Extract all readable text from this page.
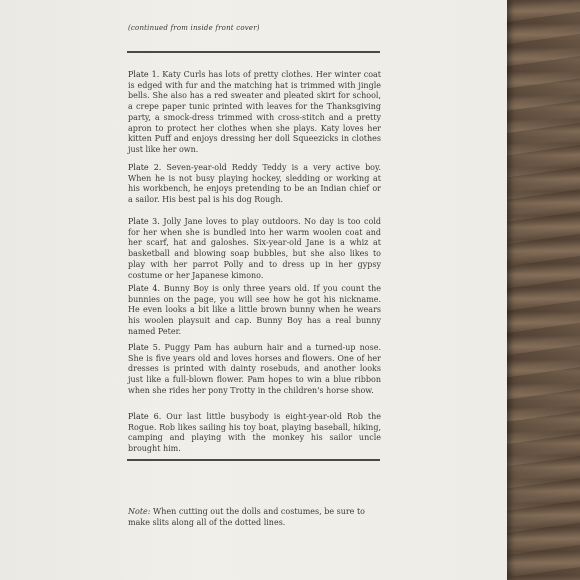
(continued from inside front cover)

Plate 1. Katy Curls has lots of pretty clothes. Her winter coat is edged with fur and the matching hat is trimmed with jingle bells. She also has a red sweater and pleated skirt for school, a crepe paper tunic printed with leaves for the Thanksgiving party, a smock-dress trimmed with cross-stitch and a pretty apron to protect her clothes when she plays. Katy loves her kitten Puff and enjoys dressing her doll Squeezicks in clothes just like her own.

Plate 2. Seven-year-old Reddy Teddy is a very active boy. When he is not busy playing hockey, sledding or working at his workbench, he enjoys pretending to be an Indian chief or a sailor. His best pal is his dog Rough.

Plate 3. Jolly Jane loves to play outdoors. No day is too cold for her when she is bundled into her warm woolen coat and her scarf, hat and galoshes. Six-year-old Jane is a whiz at basketball and blowing soap bubbles, but she also likes to play with her parrot Polly and to dress up in her gypsy costume or her Japanese kimono.

Plate 4. Bunny Boy is only three years old. If you count the bunnies on the page, you will see how he got his nickname. He even looks a bit like a little brown bunny when he wears his woolen playsuit and cap. Bunny Boy has a real bunny named Peter.

Plate 5. Puggy Pam has auburn hair and a turned-up nose. She is five years old and loves horses and flowers. One of her dresses is printed with dainty rosebuds, and another looks just like a full-blown flower. Pam hopes to win a blue ribbon when she rides her pony Trotty in the children's horse show.

Plate 6. Our last little busybody is eight-year-old Rob the Rogue. Rob likes sailing his toy boat, playing baseball, hiking, camping and playing with the monkey his sailor uncle brought him.

Note: When cutting out the dolls and costumes, be sure to make slits along all of the dotted lines.
